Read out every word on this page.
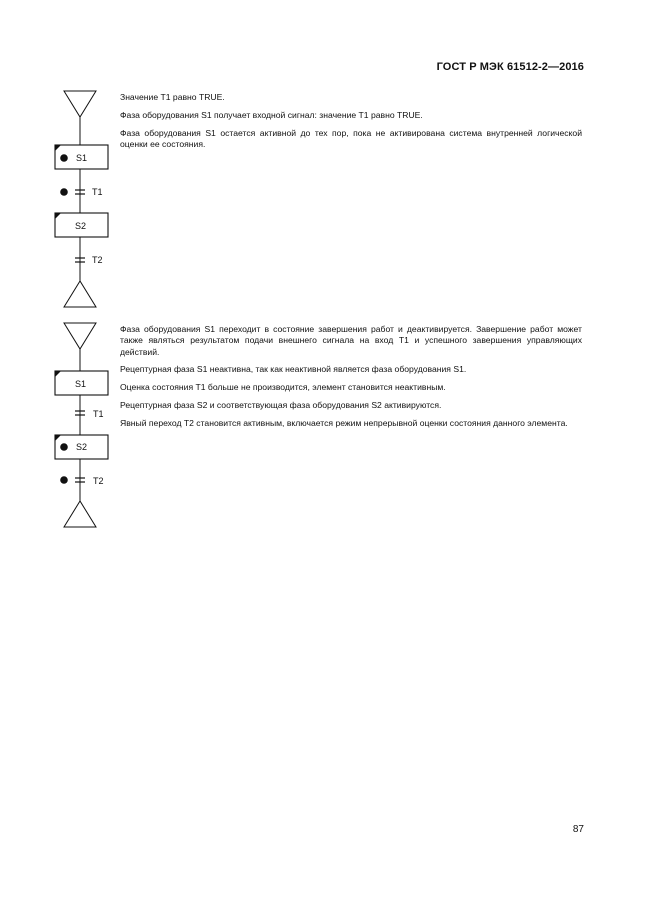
ГОСТ Р МЭК 61512-2—2016
S1
T1
S2
T2

Значение T1 равно TRUE.

Фаза оборудования S1 получает входной сигнал: значение T1 равно TRUE.

Фаза оборудования S1 остается активной до тех пор, пока не активирована система внутренней логической оценки ее состояния.

S1
T1
S2
T2

Фаза оборудования S1 переходит в состояние завершения работ и деактивируется. Завершение работ может также являться результатом подачи внешнего сигнала на вход T1 и успешного завершения управляющих действий.

Рецептурная фаза S1 неактивна, так как неактивной является фаза оборудования S1.

Оценка состояния T1 больше не производится, элемент становится неактивным.

Рецептурная фаза S2 и соответствующая фаза оборудования S2 активируются.

Явный переход T2 становится активным, включается режим непрерывной оценки состояния данного элемента.

87
